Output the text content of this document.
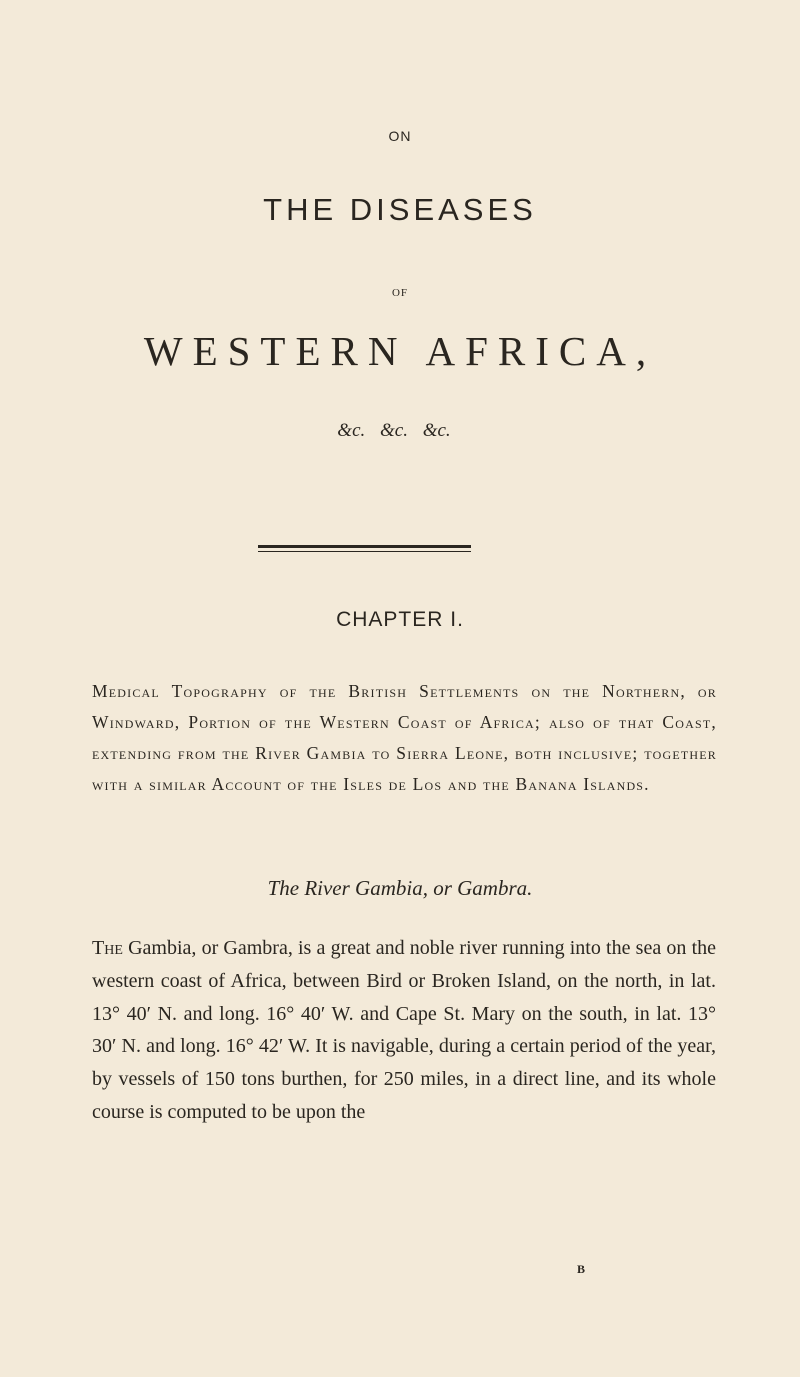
ON
THE DISEASES
OF
WESTERN AFRICA,
&c. &c. &c.
CHAPTER I.
Medical Topography of the British Settlements on the Northern, or Windward, Portion of the Western Coast of Africa; also of that Coast, extending from the River Gambia to Sierra Leone, both inclusive; together with a similar Account of the Isles de Los and the Banana Islands.
The River Gambia, or Gambra.
The Gambia, or Gambra, is a great and noble river running into the sea on the western coast of Africa, between Bird or Broken Island, on the north, in lat. 13° 40′ N. and long. 16° 40′ W. and Cape St. Mary on the south, in lat. 13° 30′ N. and long. 16° 42′ W. It is navigable, during a certain period of the year, by vessels of 150 tons burthen, for 250 miles, in a direct line, and its whole course is computed to be upon the
B
